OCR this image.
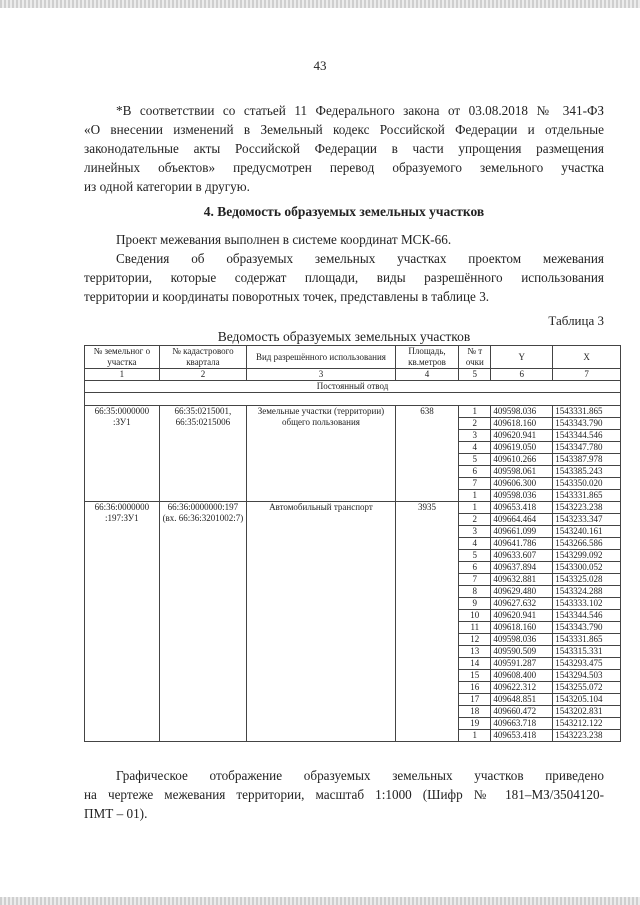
43

*В соответствии со статьей 11 Федерального закона от 03.08.2018 № 341-ФЗ
«О внесении изменений в Земельный кодекс Российской Федерации и отдельные
законодательные акты Российской Федерации в части упрощения размещения
линейных объектов» предусмотрен перевод образуемого земельного участка
из одной категории в другую.

4. Ведомость образуемых земельных участков

Проект межевания выполнен в системе координат МСК-66.
Сведения об образуемых земельных участках проектом межевания
территории, которые содержат площади, виды разрешённого использования
территории и координаты поворотных точек, представлены в таблице 3.

Таблица 3
Ведомость образуемых земельных участков
№ земельног о участка	№ кадастрового квартала	Вид разрешённого использования	Площадь, кв.метров	№ т очки	Y	X
1	2	3	4	5	6	7
Постоянный отвод						

66:35:0000000 :ЗУ1	66:35:0215001, 66:35:0215006	Земельные участки (территории) общего пользования	638	1	409598.036	1543331.865
				2	409618.160	1543343.790
				3	409620.941	1543344.546
				4	409619.050	1543347.780
				5	409610.266	1543387.978
				6	409598.061	1543385.243
				7	409606.300	1543350.020
				1	409598.036	1543331.865
66:36:0000000 :197:ЗУ1	66:36:0000000:197 (вх. 66:36:3201002:7)	Автомобильный транспорт	3935	1	409653.418	1543223.238
				2	409664.464	1543233.347
				3	409661.099	1543240.161
				4	409641.786	1543266.586
				5	409633.607	1543299.092
				6	409637.894	1543300.052
				7	409632.881	1543325.028
				8	409629.480	1543324.288
				9	409627.632	1543333.102
				10	409620.941	1543344.546
				11	409618.160	1543343.790
				12	409598.036	1543331.865
				13	409590.509	1543315.331
				14	409591.287	1543293.475
				15	409608.400	1543294.503
				16	409622.312	1543255.072
				17	409648.851	1543205.104
				18	409660.472	1543202.831
				19	409663.718	1543212.122
				1	409653.418	1543223.238

Графическое отображение образуемых земельных участков приведено
на чертеже межевания территории, масштаб 1:1000 (Шифр № 181–МЗ/3504120-
ПМТ – 01).
